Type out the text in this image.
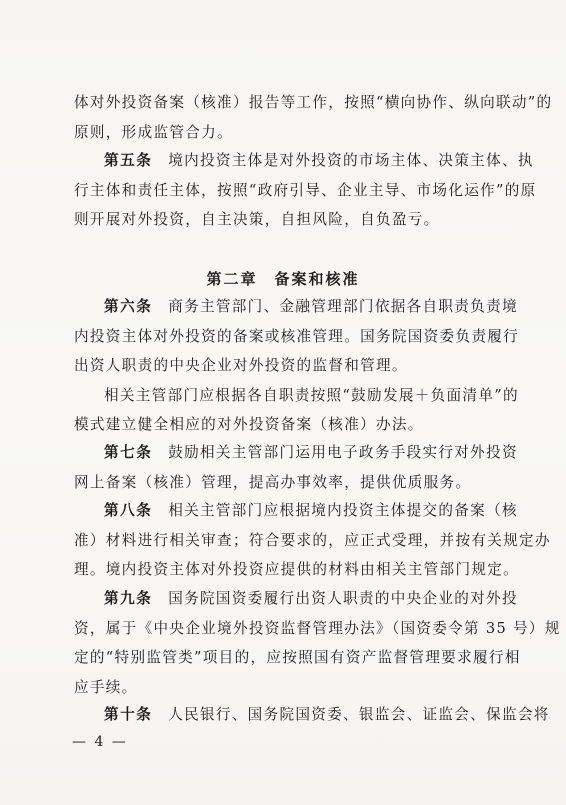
体对外投资备案（核准）报告等工作，按照“横向协作、纵向联动”的
原则，形成监管合力。
第五条　 境内投资主体是对外投资的市场主体、决策主体、执
行主体和责任主体，按照“政府引导、企业主导、市场化运作”的原
则开展对外投资，自主决策，自担风险，自负盈亏。
第二章　备案和核准
第六条　 商务主管部门、金融管理部门依据各自职责负责境
内投资主体对外投资的备案或核准管理。国务院国资委负责履行
出资人职责的中央企业对外投资的监督和管理。
相关主管部门应根据各自职责按照“鼓励发展＋负面清单”的
模式建立健全相应的对外投资备案（核准）办法。
第七条　 鼓励相关主管部门运用电子政务手段实行对外投资
网上备案（核准）管理，提高办事效率，提供优质服务。
第八条　 相关主管部门应根据境内投资主体提交的备案（核
准）材料进行相关审查；符合要求的，应正式受理，并按有关规定办
理。境内投资主体对外投资应提供的材料由相关主管部门规定。
第九条　 国务院国资委履行出资人职责的中央企业的对外投
资，属于《中央企业境外投资监督管理办法》（国资委令第 35 号）规
定的“特别监管类”项目的，应按照国有资产监督管理要求履行相
应手续。
第十条　 人民银行、国务院国资委、银监会、证监会、保监会将
— 4 —
